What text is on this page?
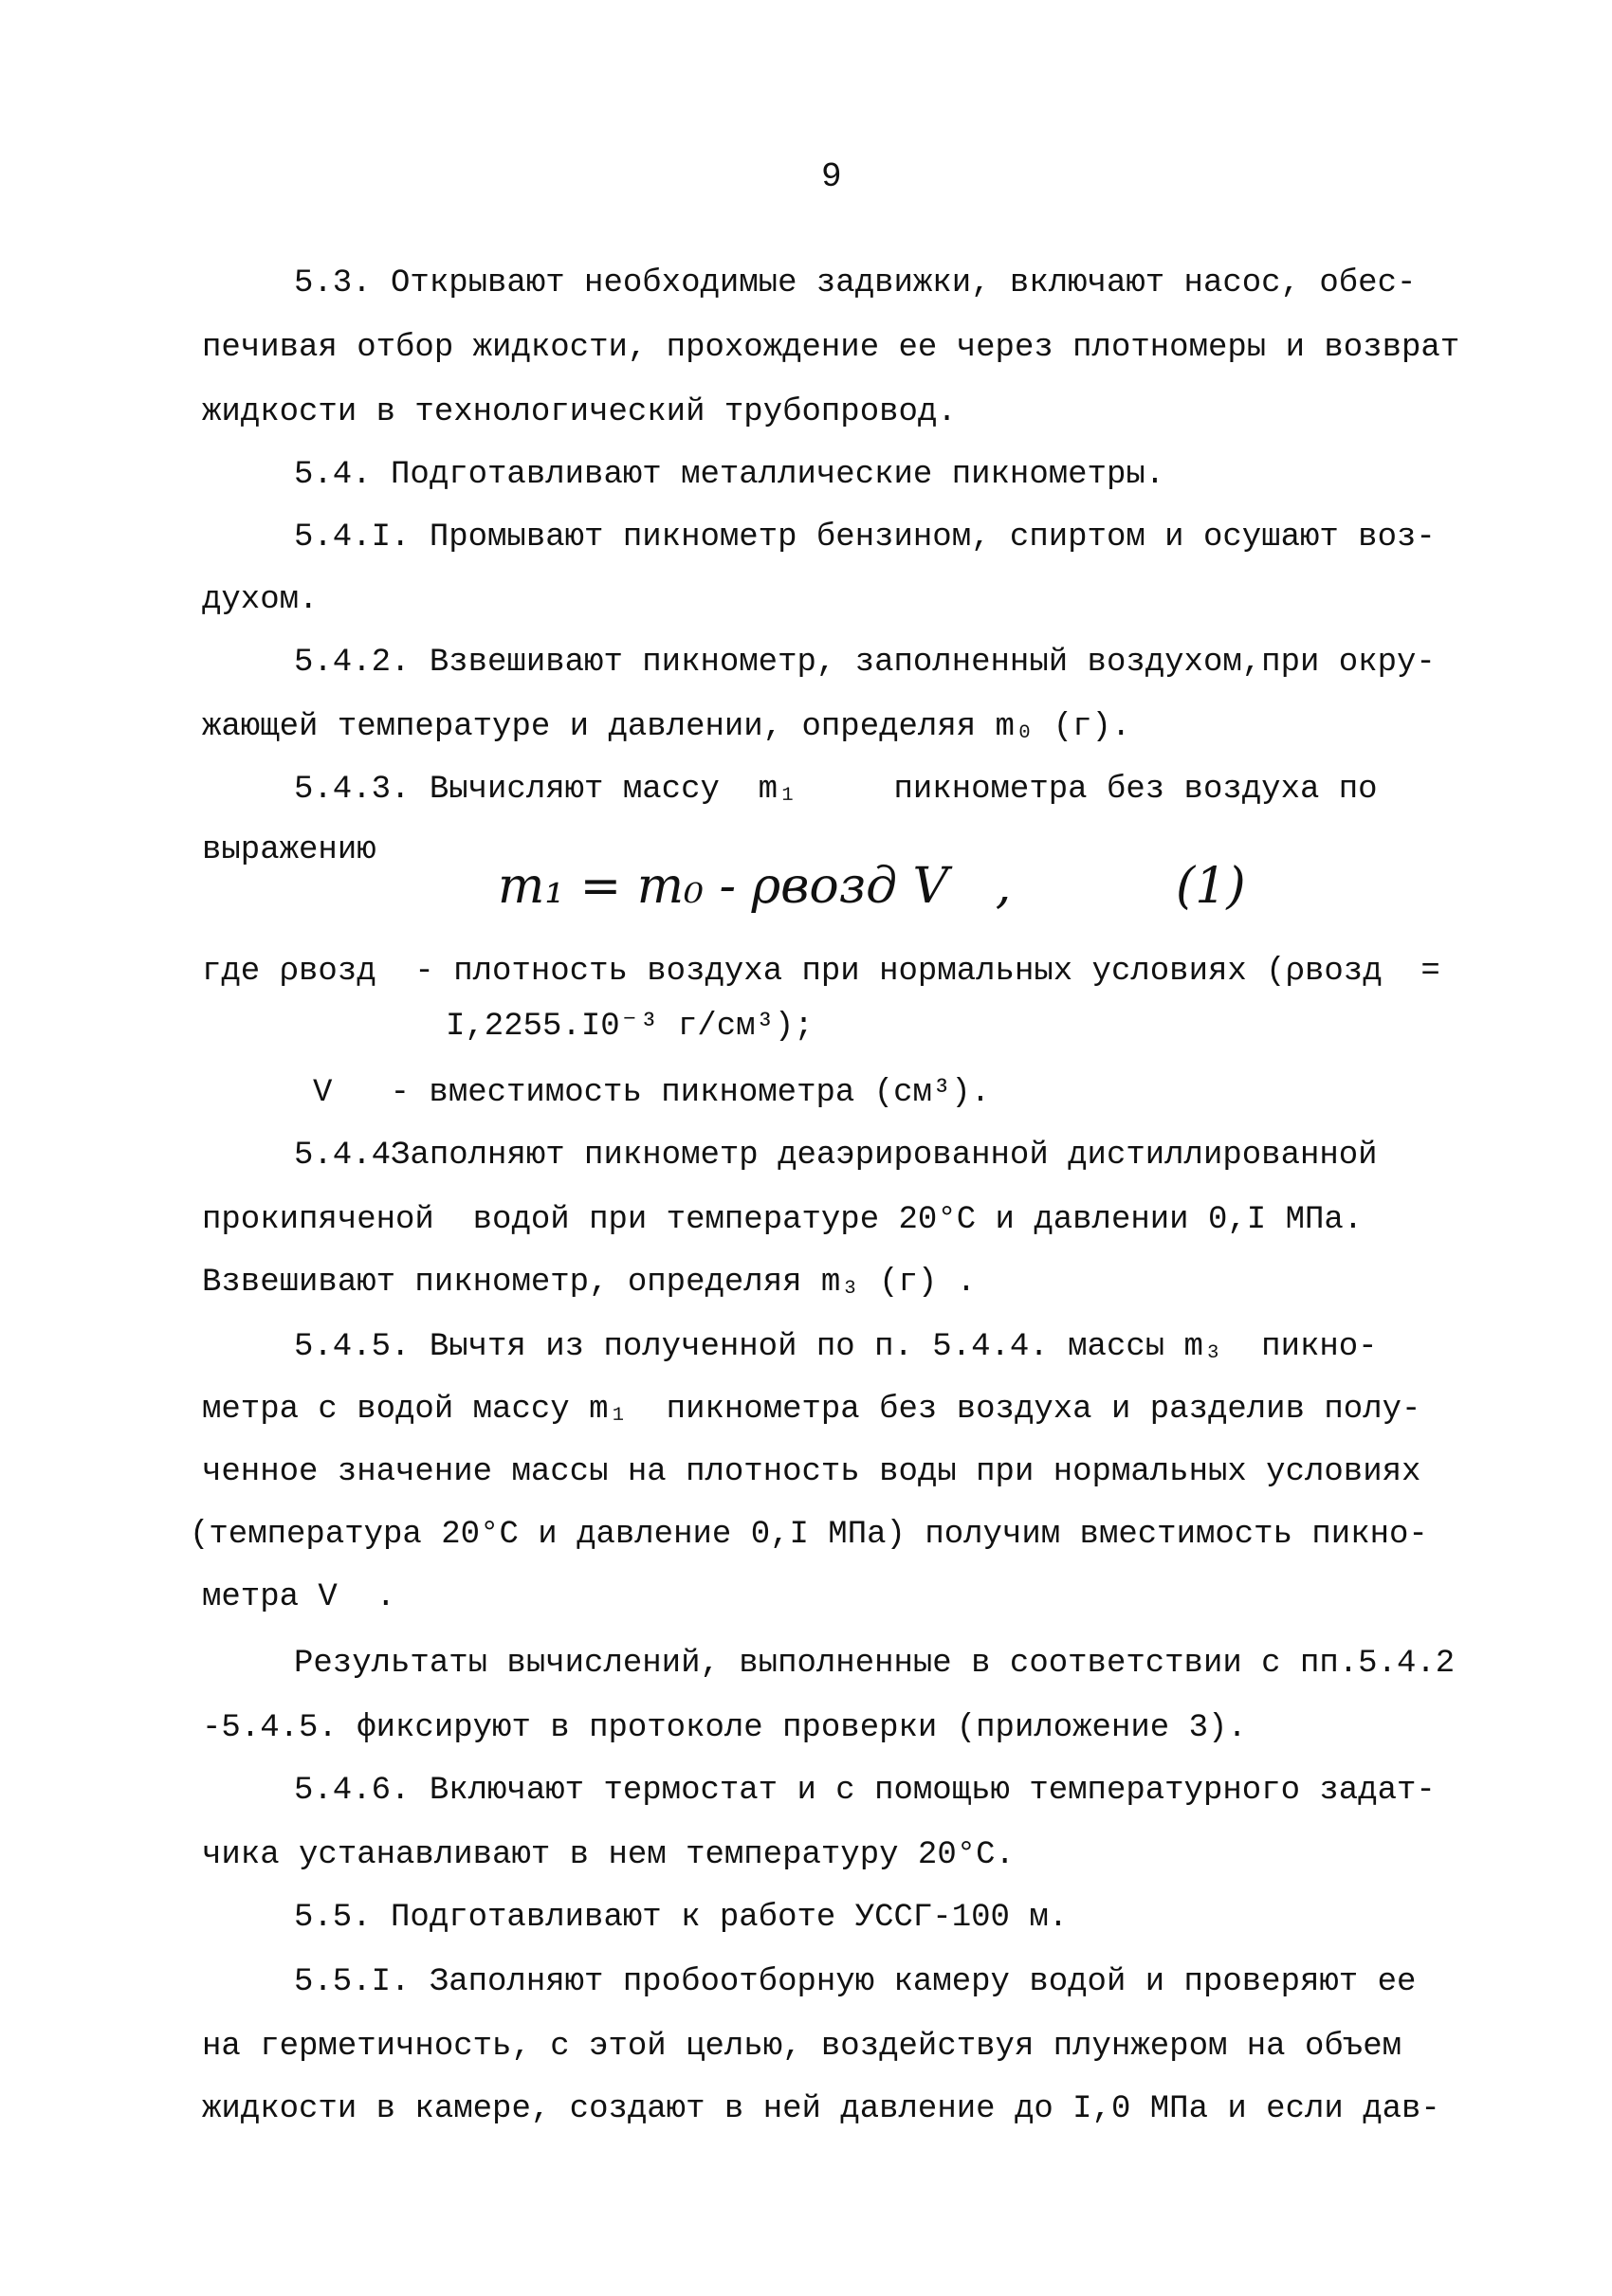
9
5.3. Открывают необходимые задвижки, включают насос, обес-
печивая отбор жидкости, прохождение ее через плотномеры и возврат
жидкости в технологический трубопровод.
5.4. Подготавливают металлические пикнометры.
5.4.I. Промывают пикнометр бензином, спиртом и осушают воз-
духом.
5.4.2. Взвешивают пикнометр, заполненный воздухом,при окру-
жающей температуре и давлении, определяя m₀ (г).
5.4.3. Вычисляют массу  m₁     пикнометра без воздуха по
выражению
m₁ = m₀ - ρвозд V   ,	(1)
где ρвозд  - плотность воздуха при нормальных условиях (ρвозд  =
I,2255.I0⁻³ г/см³);
V   - вместимость пикнометра (см³).
5.4.4Заполняют пикнометр деаэрированной дистиллированной
прокипяченой  водой при температуре 20°С и давлении 0,I МПа.
Взвешивают пикнометр, определяя m₃ (г) .
5.4.5. Вычтя из полученной по п. 5.4.4. массы m₃  пикно-
метра с водой массу m₁  пикнометра без воздуха и разделив полу-
ченное значение массы на плотность воды при нормальных условиях
(температура 20°С и давление 0,I МПа) получим вместимость пикно-
метра V  .
Результаты вычислений, выполненные в соответствии с пп.5.4.2
-5.4.5. фиксируют в протоколе проверки (приложение 3).
5.4.6. Включают термостат и с помощью температурного задат-
чика устанавливают в нем температуру 20°С.
5.5. Подготавливают к работе УССГ-100 м.
5.5.I. Заполняют пробоотборную камеру водой и проверяют ее
на герметичность, с этой целью, воздействуя плунжером на объем
жидкости в камере, создают в ней давление до I,0 МПа и если дав-
